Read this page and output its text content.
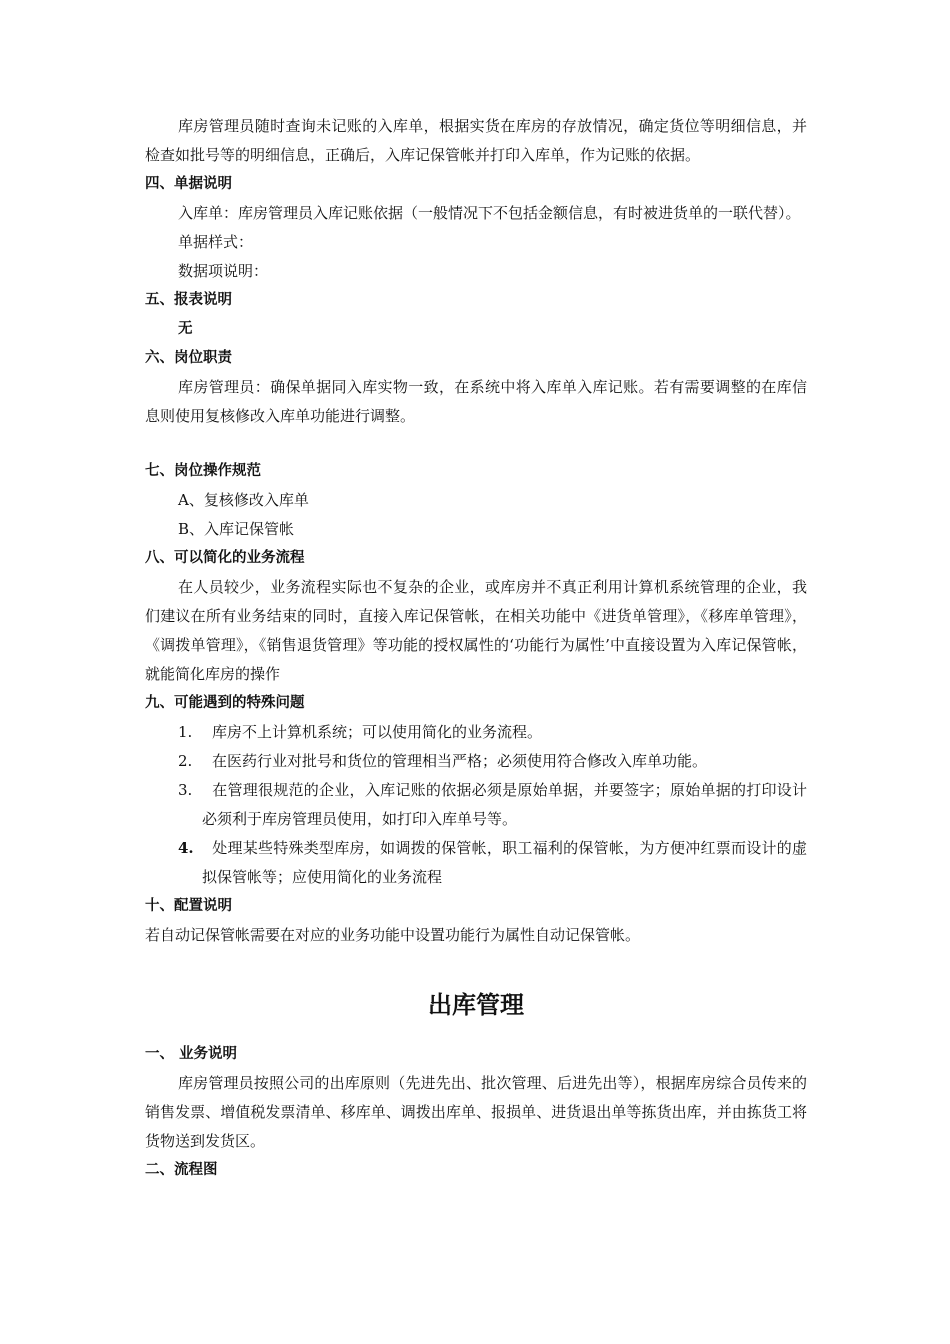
库房管理员随时查询未记账的入库单，根据实货在库房的存放情况，确定货位等明细信息，并检查如批号等的明细信息，正确后，入库记保管帐并打印入库单，作为记账的依据。

四、单据说明

入库单：库房管理员入库记账依据（一般情况下不包括金额信息，有时被进货单的一联代替）。

单据样式：

数据项说明：

五、报表说明

无

六、岗位职责

库房管理员：确保单据同入库实物一致，在系统中将入库单入库记账。若有需要调整的在库信息则使用复核修改入库单功能进行调整。

七、岗位操作规范

A、复核修改入库单

B、入库记保管帐

八、可以简化的业务流程

在人员较少，业务流程实际也不复杂的企业，或库房并不真正利用计算机系统管理的企业，我们建议在所有业务结束的同时，直接入库记保管帐，在相关功能中《进货单管理》，《移库单管理》，《调拨单管理》，《销售退货管理》等功能的授权属性的‘功能行为属性’中直接设置为入库记保管帐，就能简化库房的操作

九、可能遇到的特殊问题

1. 库房不上计算机系统；可以使用简化的业务流程。

2. 在医药行业对批号和货位的管理相当严格；必须使用符合修改入库单功能。

3. 在管理很规范的企业，入库记账的依据必须是原始单据，并要签字；原始单据的打印设计必须利于库房管理员使用，如打印入库单号等。

4. 处理某些特殊类型库房，如调拨的保管帐，职工福利的保管帐，为方便冲红票而设计的虚拟保管帐等；应使用简化的业务流程

十、配置说明

若自动记保管帐需要在对应的业务功能中设置功能行为属性自动记保管帐。

出库管理

一、 业务说明

库房管理员按照公司的出库原则（先进先出、批次管理、后进先出等），根据库房综合员传来的销售发票、增值税发票清单、移库单、调拨出库单、报损单、进货退出单等拣货出库，并由拣货工将货物送到发货区。

二、流程图
